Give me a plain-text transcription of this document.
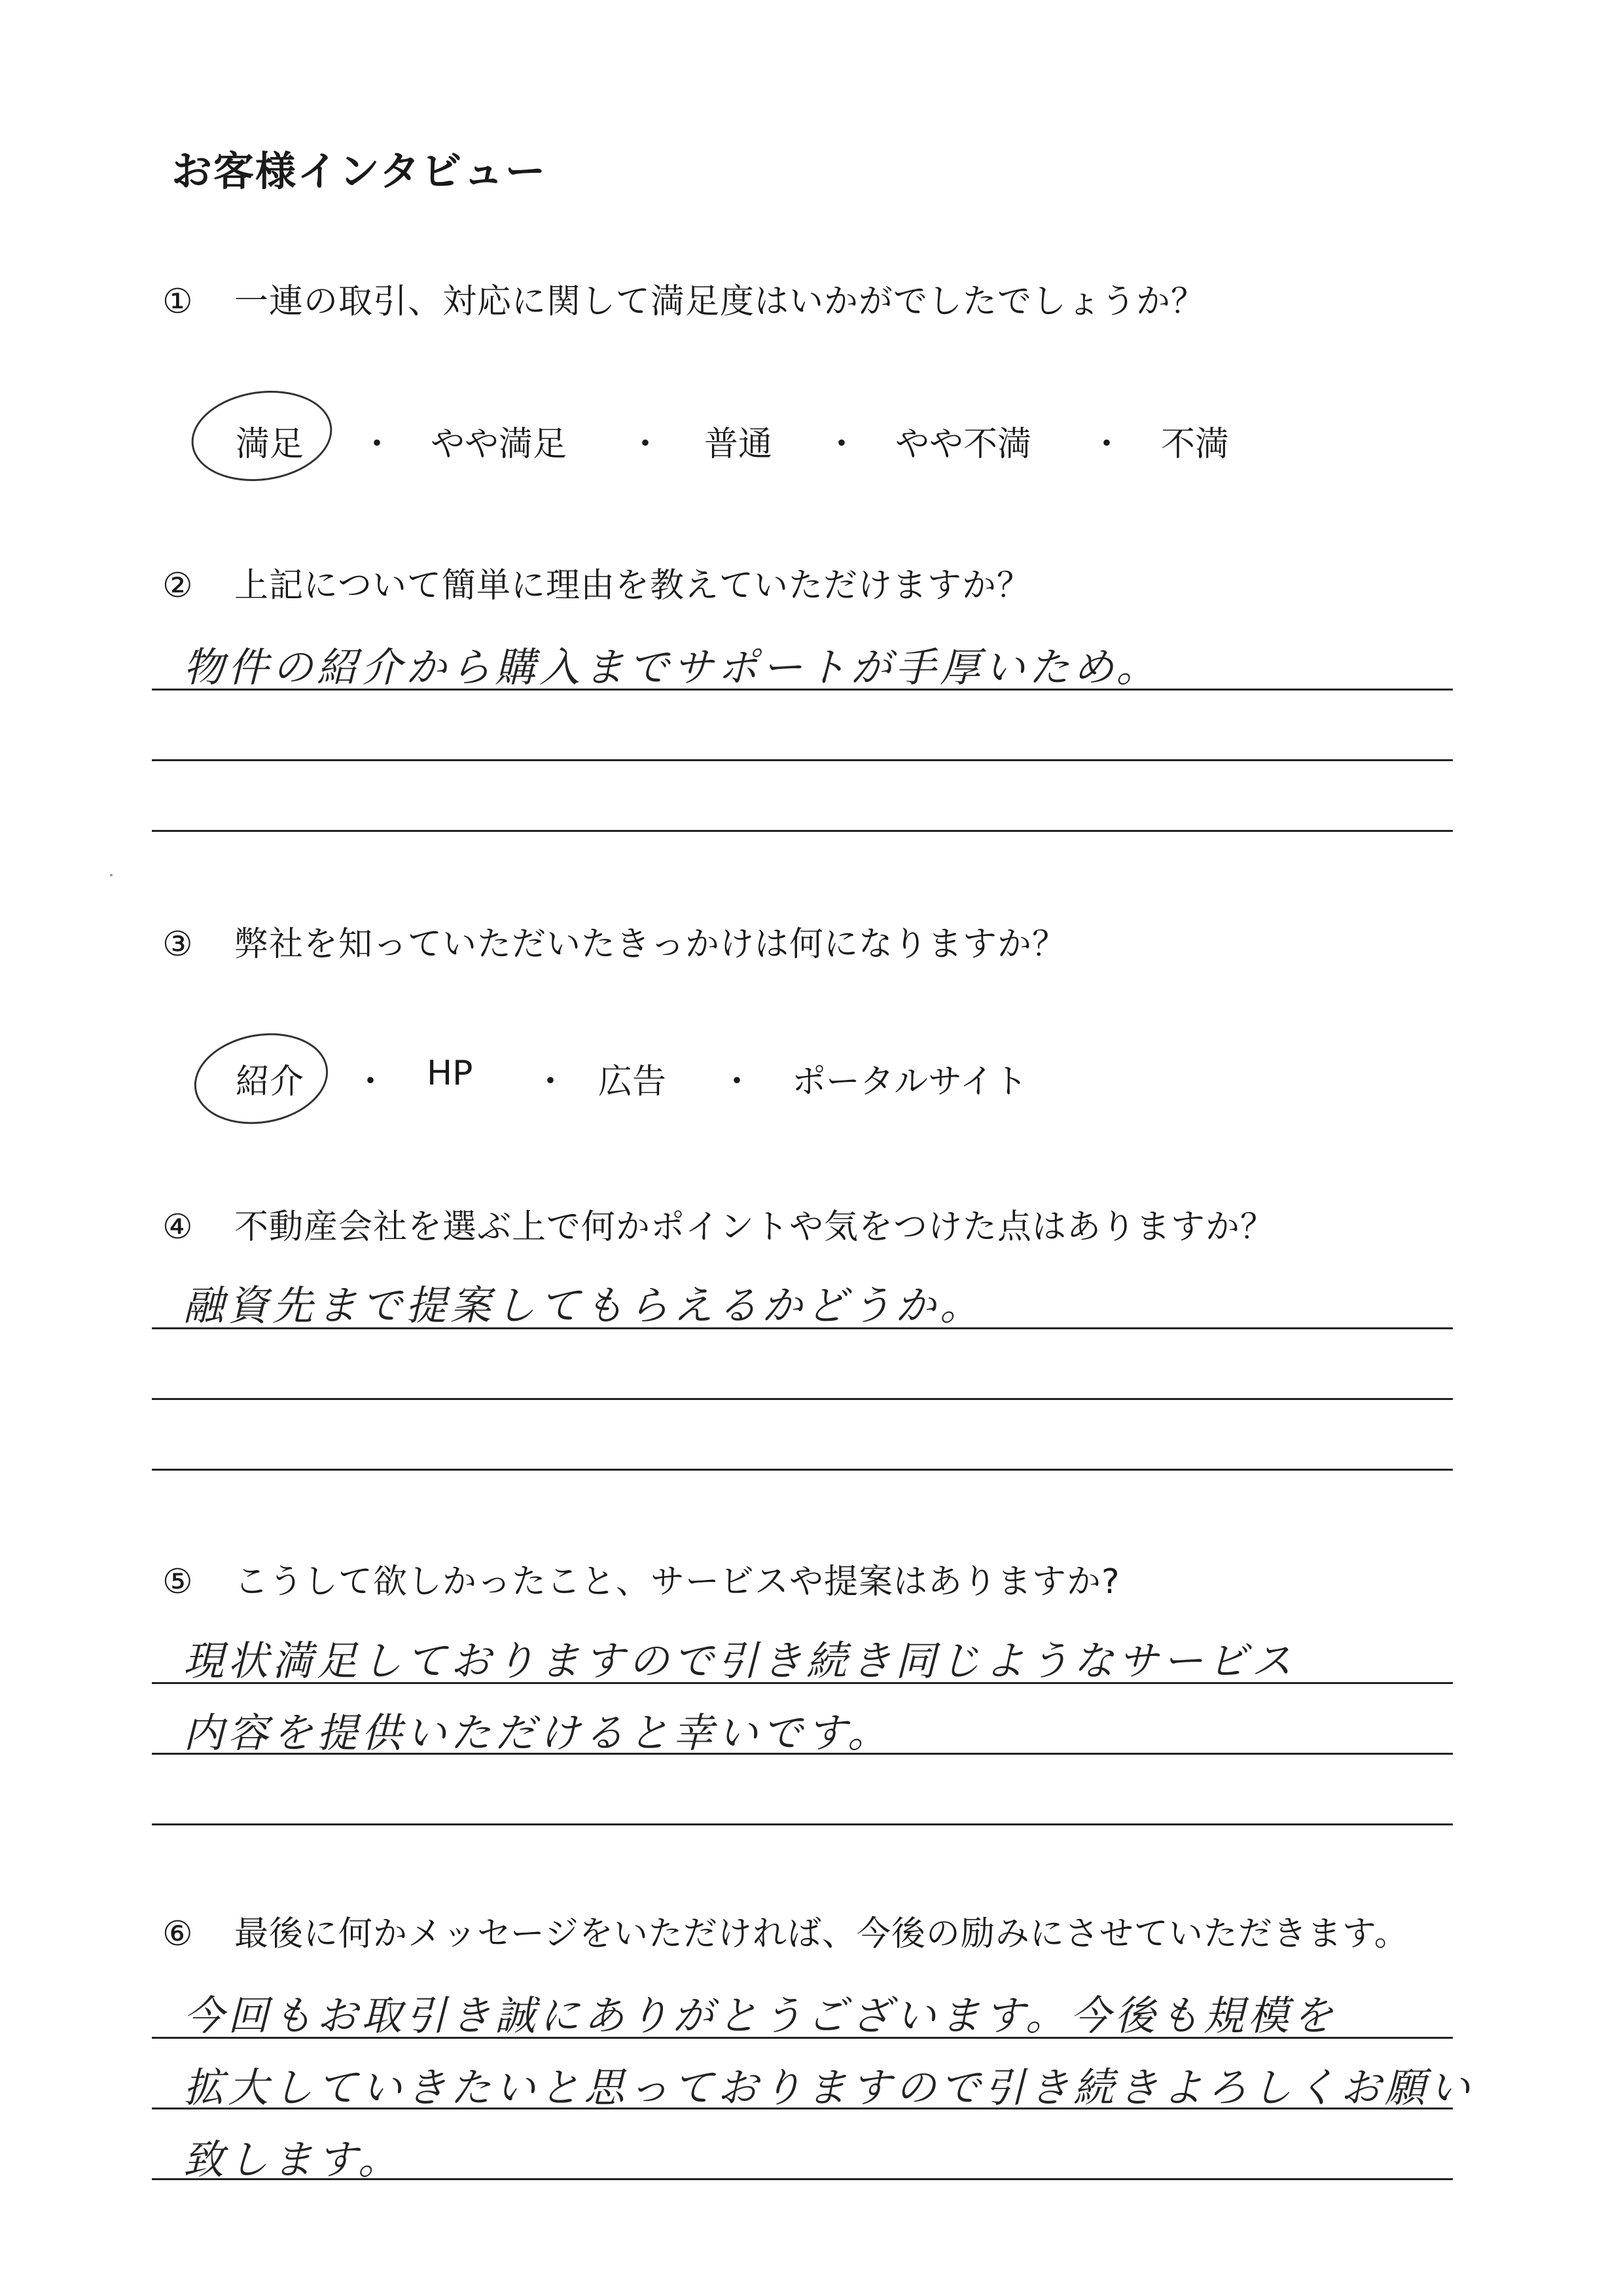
お客様インタビュー
① 一連の取引、対応に関して満足度はいかがでしたでしょうか？
満足 ・ やや満足 ・ 普通 ・ やや不満 ・ 不満
② 上記について簡単に理由を教えていただけますか？
物件の紹介から購入までサポートが手厚いため。
③ 弊社を知っていただいたきっかけは何になりますか？
紹介 ・ HP ・ 広告 ・ ポータルサイト
④ 不動産会社を選ぶ上で何かポイントや気をつけた点はありますか？
融資先まで提案してもらえるかどうか。
⑤ こうして欲しかったこと、サービスや提案はありますか?
現状満足しておりますので引き続き同じようなサービス
内容を提供いただけると幸いです。
⑥ 最後に何かメッセージをいただければ、今後の励みにさせていただきます。
今回もお取引き誠にありがとうございます。今後も規模を
拡大していきたいと思っておりますので引き続きよろしくお願い
致します。
